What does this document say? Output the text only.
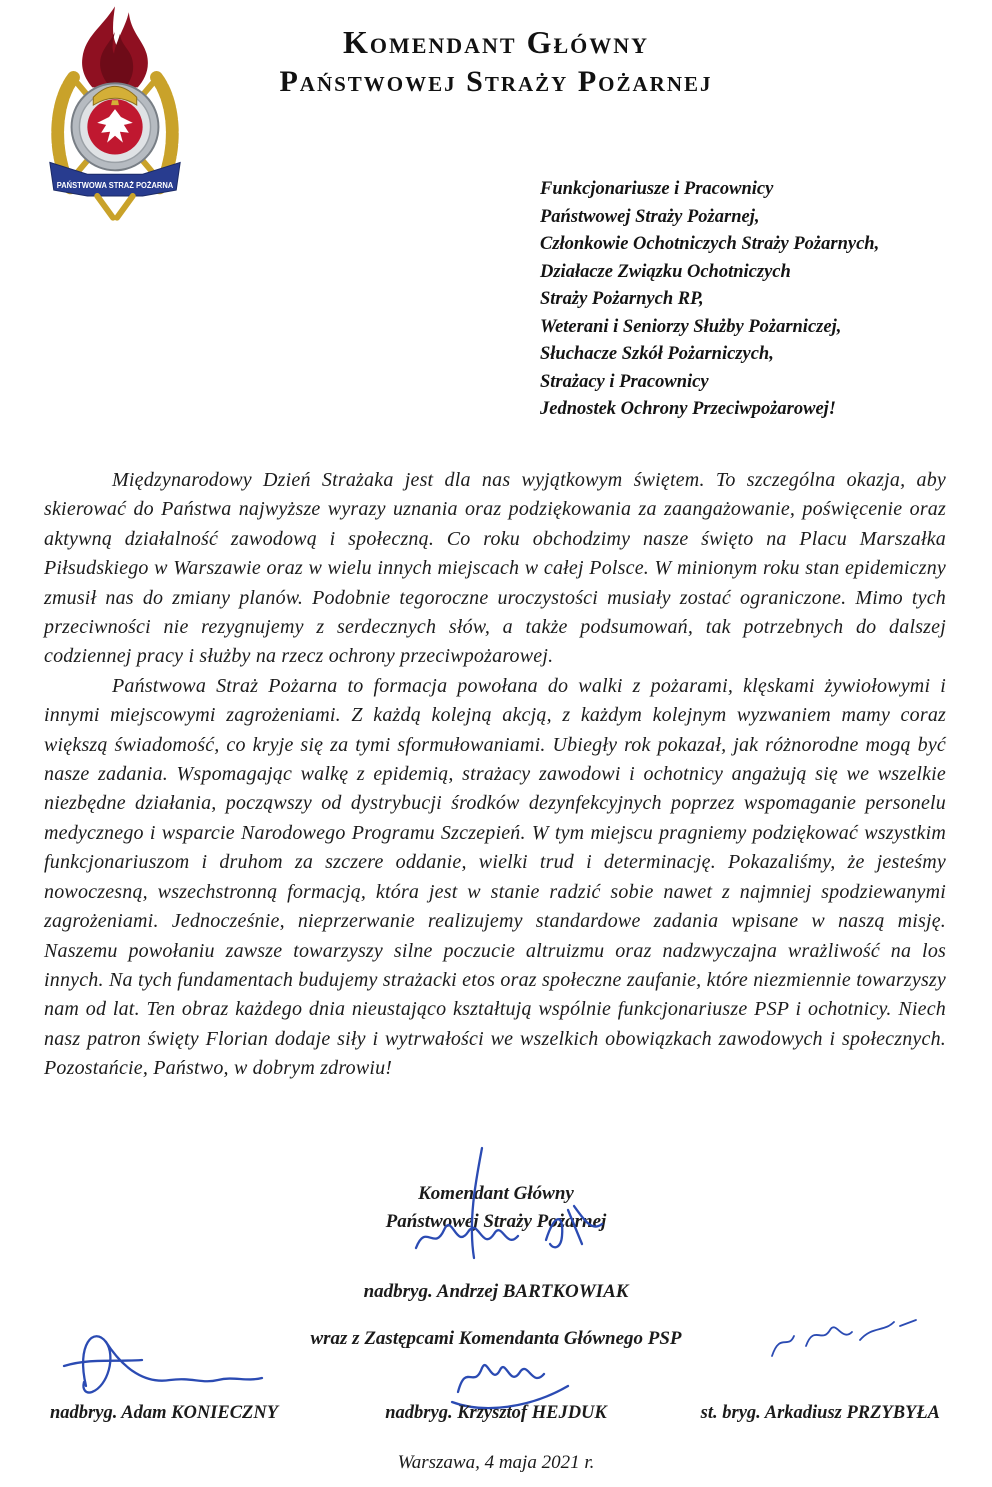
PAŃSTWOWA STRAŻ POŻARNA
Komendant Główny
Państwowej Straży Pożarnej
Funkcjonariusze i Pracownicy
Państwowej Straży Pożarnej,
Członkowie Ochotniczych Straży Pożarnych,
Działacze Związku Ochotniczych
Straży Pożarnych RP,
Weterani i Seniorzy Służby Pożarniczej,
Słuchacze Szkół Pożarniczych,
Strażacy i Pracownicy
Jednostek Ochrony Przeciwpożarowej!

Międzynarodowy Dzień Strażaka jest dla nas wyjątkowym świętem. To szczególna okazja, aby skierować do Państwa najwyższe wyrazy uznania oraz podziękowania za zaangażowanie, poświęcenie oraz aktywną działalność zawodową i społeczną. Co roku obchodzimy nasze święto na Placu Marszałka Piłsudskiego w Warszawie oraz w wielu innych miejscach w całej Polsce. W minionym roku stan epidemiczny zmusił nas do zmiany planów. Podobnie tegoroczne uroczystości musiały zostać ograniczone. Mimo tych przeciwności nie rezygnujemy z serdecznych słów, a także podsumowań, tak potrzebnych do dalszej codziennej pracy i służby na rzecz ochrony przeciwpożarowej.

Państwowa Straż Pożarna to formacja powołana do walki z pożarami, klęskami żywiołowymi i innymi miejscowymi zagrożeniami. Z każdą kolejną akcją, z każdym kolejnym wyzwaniem mamy coraz większą świadomość, co kryje się za tymi sformułowaniami. Ubiegły rok pokazał, jak różnorodne mogą być nasze zadania. Wspomagając walkę z epidemią, strażacy zawodowi i ochotnicy angażują się we wszelkie niezbędne działania, począwszy od dystrybucji środków dezynfekcyjnych poprzez wspomaganie personelu medycznego i wsparcie Narodowego Programu Szczepień. W tym miejscu pragniemy podziękować wszystkim funkcjonariuszom i druhom za szczere oddanie, wielki trud i determinację. Pokazaliśmy, że jesteśmy nowoczesną, wszechstronną formacją, która jest w stanie radzić sobie nawet z najmniej spodziewanymi zagrożeniami. Jednocześnie, nieprzerwanie realizujemy standardowe zadania wpisane w naszą misję. Naszemu powołaniu zawsze towarzyszy silne poczucie altruizmu oraz nadzwyczajna wrażliwość na los innych. Na tych fundamentach budujemy strażacki etos oraz społeczne zaufanie, które niezmiennie towarzyszy nam od lat. Ten obraz każdego dnia nieustająco kształtują wspólnie funkcjonariusze PSP i ochotnicy. Niech nasz patron święty Florian dodaje siły i wytrwałości we wszelkich obowiązkach zawodowych i społecznych. Pozostańcie, Państwo, w dobrym zdrowiu!

Komendant Główny
Państwowej Straży Pożarnej
nadbryg. Andrzej BARTKOWIAK
wraz z Zastępcami Komendanta Głównego PSP
nadbryg. Adam KONIECZNY	nadbryg. Krzysztof HEJDUK	st. bryg. Arkadiusz PRZYBYŁA
Warszawa, 4 maja 2021 r.
